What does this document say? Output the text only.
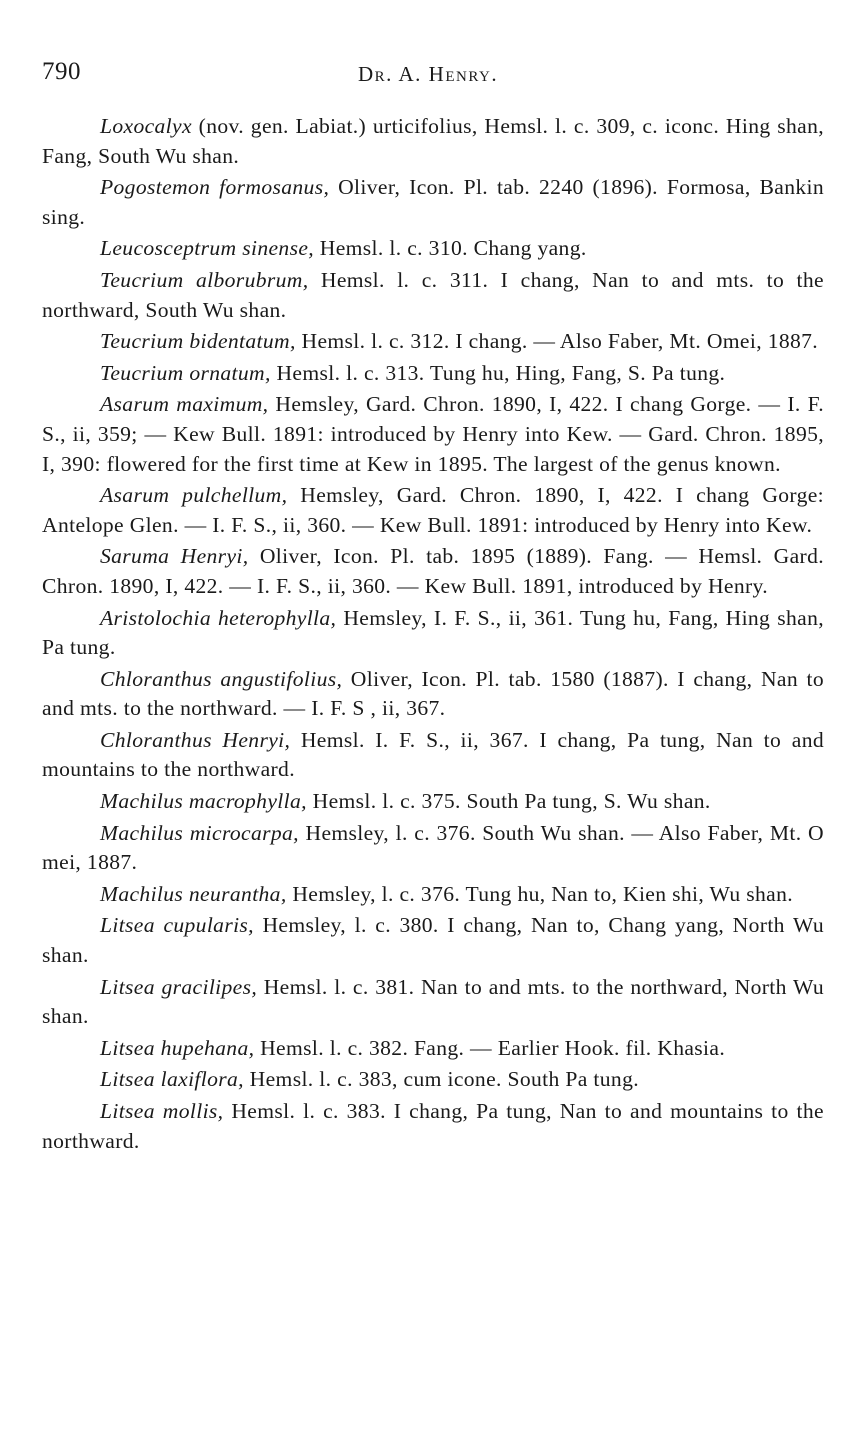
790	Dr. A. Henry.

Loxocalyx (nov. gen. Labiat.) urticifolius, Hemsl. l. c. 309, c. iconc. Hing shan, Fang, South Wu shan.

Pogostemon formosanus, Oliver, Icon. Pl. tab. 2240 (1896). Formosa, Bankin sing.

Leucosceptrum sinense, Hemsl. l. c. 310. Chang yang.

Teucrium alborubrum, Hemsl. l. c. 311. I chang, Nan to and mts. to the northward, South Wu shan.

Teucrium bidentatum, Hemsl. l. c. 312. I chang. — Also Faber, Mt. Omei, 1887.

Teucrium ornatum, Hemsl. l. c. 313. Tung hu, Hing, Fang, S. Pa tung.

Asarum maximum, Hemsley, Gard. Chron. 1890, I, 422. I chang Gorge. — I. F. S., ii, 359; — Kew Bull. 1891: introduced by Henry into Kew. — Gard. Chron. 1895, I, 390: flowered for the first time at Kew in 1895. The largest of the genus known.

Asarum pulchellum, Hemsley, Gard. Chron. 1890, I, 422. I chang Gorge: Antelope Glen. — I. F. S., ii, 360. — Kew Bull. 1891: introduced by Henry into Kew.

Saruma Henryi, Oliver, Icon. Pl. tab. 1895 (1889). Fang. — Hemsl. Gard. Chron. 1890, I, 422. — I. F. S., ii, 360. — Kew Bull. 1891, introduced by Henry.

Aristolochia heterophylla, Hemsley, I. F. S., ii, 361. Tung hu, Fang, Hing shan, Pa tung.

Chloranthus angustifolius, Oliver, Icon. Pl. tab. 1580 (1887). I chang, Nan to and mts. to the northward. — I. F. S , ii, 367.

Chloranthus Henryi, Hemsl. I. F. S., ii, 367. I chang, Pa tung, Nan to and mountains to the northward.

Machilus macrophylla, Hemsl. l. c. 375. South Pa tung, S. Wu shan.

Machilus microcarpa, Hemsley, l. c. 376. South Wu shan. — Also Faber, Mt. O mei, 1887.

Machilus neurantha, Hemsley, l. c. 376. Tung hu, Nan to, Kien shi, Wu shan.

Litsea cupularis, Hemsley, l. c. 380. I chang, Nan to, Chang yang, North Wu shan.

Litsea gracilipes, Hemsl. l. c. 381. Nan to and mts. to the northward, North Wu shan.

Litsea hupehana, Hemsl. l. c. 382. Fang. — Earlier Hook. fil. Khasia.

Litsea laxiflora, Hemsl. l. c. 383, cum icone. South Pa tung.

Litsea mollis, Hemsl. l. c. 383. I chang, Pa tung, Nan to and mountains to the northward.
